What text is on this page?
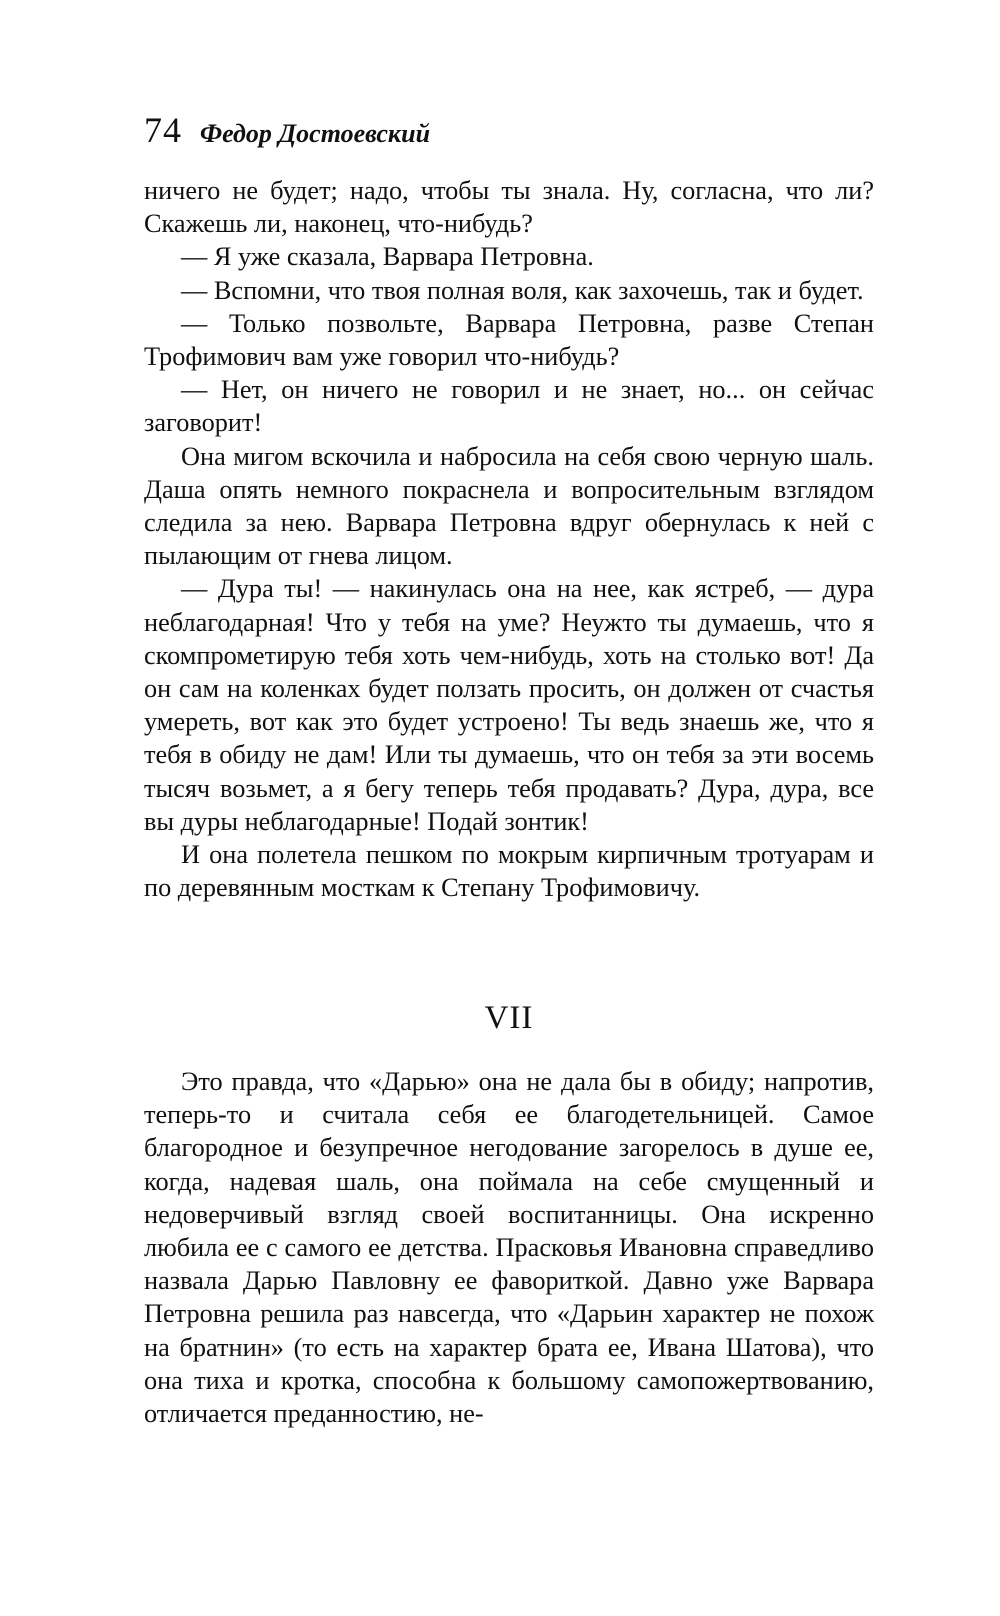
74 Федор Достоевский

ничего не будет; надо, чтобы ты знала. Ну, согласна, что ли? Скажешь ли, наконец, что-нибудь?

— Я уже сказала, Варвара Петровна.

— Вспомни, что твоя полная воля, как захочешь, так и будет.

— Только позвольте, Варвара Петровна, разве Степан Трофимович вам уже говорил что-нибудь?

— Нет, он ничего не говорил и не знает, но... он сейчас заговорит!

Она мигом вскочила и набросила на себя свою черную шаль. Даша опять немного покраснела и вопросительным взглядом следила за нею. Варвара Петровна вдруг обернулась к ней с пылающим от гнева лицом.

— Дура ты! — накинулась она на нее, как ястреб, — дура неблагодарная! Что у тебя на уме? Неужто ты думаешь, что я скомпрометирую тебя хоть чем-нибудь, хоть на столько вот! Да он сам на коленках будет ползать просить, он должен от счастья умереть, вот как это будет устроено! Ты ведь знаешь же, что я тебя в обиду не дам! Или ты думаешь, что он тебя за эти восемь тысяч возьмет, а я бегу теперь тебя продавать? Дура, дура, все вы дуры неблагодарные! Подай зонтик!

И она полетела пешком по мокрым кирпичным тротуарам и по деревянным мосткам к Степану Трофимовичу.

VII

Это правда, что «Дарью» она не дала бы в обиду; напротив, теперь-то и считала себя ее благодетельницей. Самое благородное и безупречное негодование загорелось в душе ее, когда, надевая шаль, она поймала на себе смущенный и недоверчивый взгляд своей воспитанницы. Она искренно любила ее с самого ее детства. Прасковья Ивановна справедливо назвала Дарью Павловну ее фавориткой. Давно уже Варвара Петровна решила раз навсегда, что «Дарьин характер не похож на братнин» (то есть на характер брата ее, Ивана Шатова), что она тиха и кротка, способна к большому самопожертвованию, отличается преданностию, не-
